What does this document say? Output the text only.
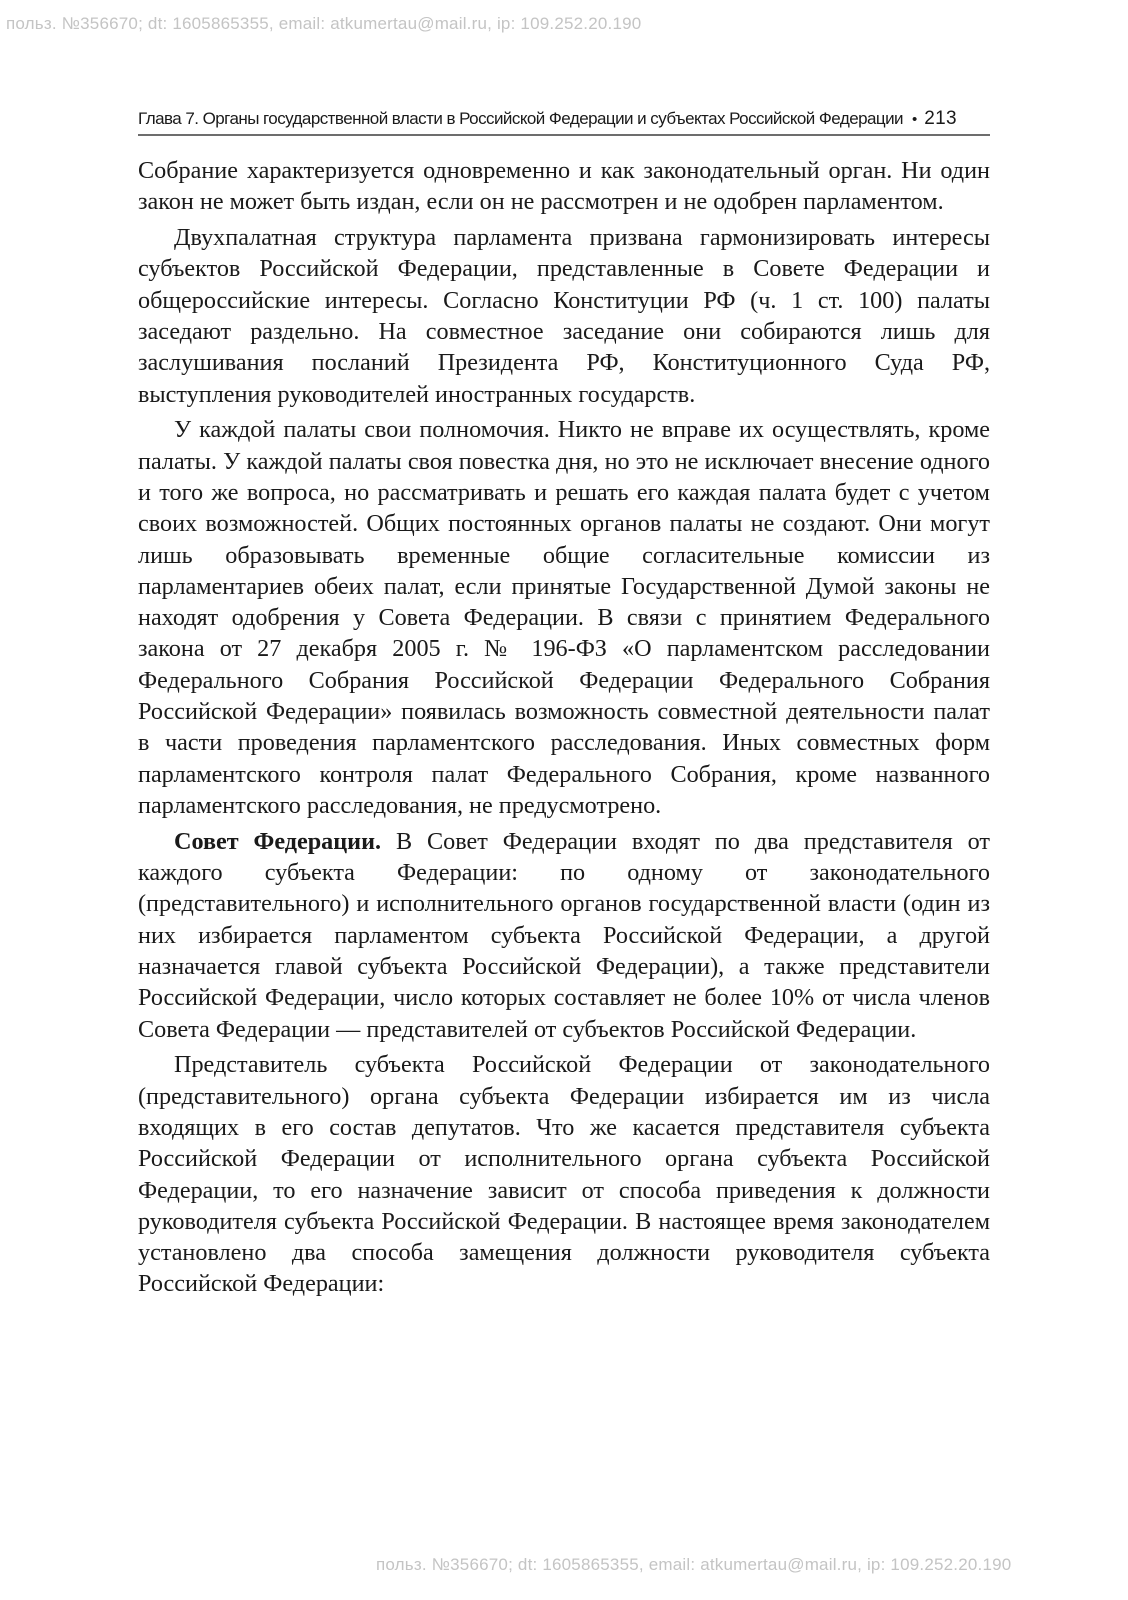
польз. №356670; dt: 1605865355, email: atkumertau@mail.ru, ip: 109.252.20.190
Глава 7. Органы государственной власти в Российской Федерации и субъектах Российской Федерации • 213

Собрание характеризуется одновременно и как законодательный орган. Ни один закон не может быть издан, если он не рассмотрен и не одобрен парламентом.

Двухпалатная структура парламента призвана гармонизировать интересы субъектов Российской Федерации, представленные в Совете Федерации и общероссийские интересы. Согласно Конституции РФ (ч. 1 ст. 100) палаты заседают раздельно. На совместное заседание они собираются лишь для заслушивания посланий Президента РФ, Конституционного Суда РФ, выступления руководителей иностранных государств.

У каждой палаты свои полномочия. Никто не вправе их осуществлять, кроме палаты. У каждой палаты своя повестка дня, но это не исключает внесение одного и того же вопроса, но рассматривать и решать его каждая палата будет с учетом своих возможностей. Общих постоянных органов палаты не создают. Они могут лишь образовывать временные общие согласительные комиссии из парламентариев обеих палат, если принятые Государственной Думой законы не находят одобрения у Совета Федерации. В связи с принятием Федерального закона от 27 декабря 2005 г. № 196-ФЗ «О парламентском расследовании Федерального Собрания Российской Федерации Федерального Собрания Российской Федерации» появилась возможность совместной деятельности палат в части проведения парламентского расследования. Иных совместных форм парламентского контроля палат Федерального Собрания, кроме названного парламентского расследования, не предусмотрено.

Совет Федерации. В Совет Федерации входят по два представителя от каждого субъекта Федерации: по одному от законодательного (представительного) и исполнительного органов государственной власти (один из них избирается парламентом субъекта Российской Федерации, а другой назначается главой субъекта Российской Федерации), а также представители Российской Федерации, число которых составляет не более 10% от числа членов Совета Федерации — представителей от субъектов Российской Федерации.

Представитель субъекта Российской Федерации от законодательного (представительного) органа субъекта Федерации избирается им из числа входящих в его состав депутатов. Что же касается представителя субъекта Российской Федерации от исполнительного органа субъекта Российской Федерации, то его назначение зависит от способа приведения к должности руководителя субъекта Российской Федерации. В настоящее время законодателем установлено два способа замещения должности руководителя субъекта Российской Федерации:

польз. №356670; dt: 1605865355, email: atkumertau@mail.ru, ip: 109.252.20.190
